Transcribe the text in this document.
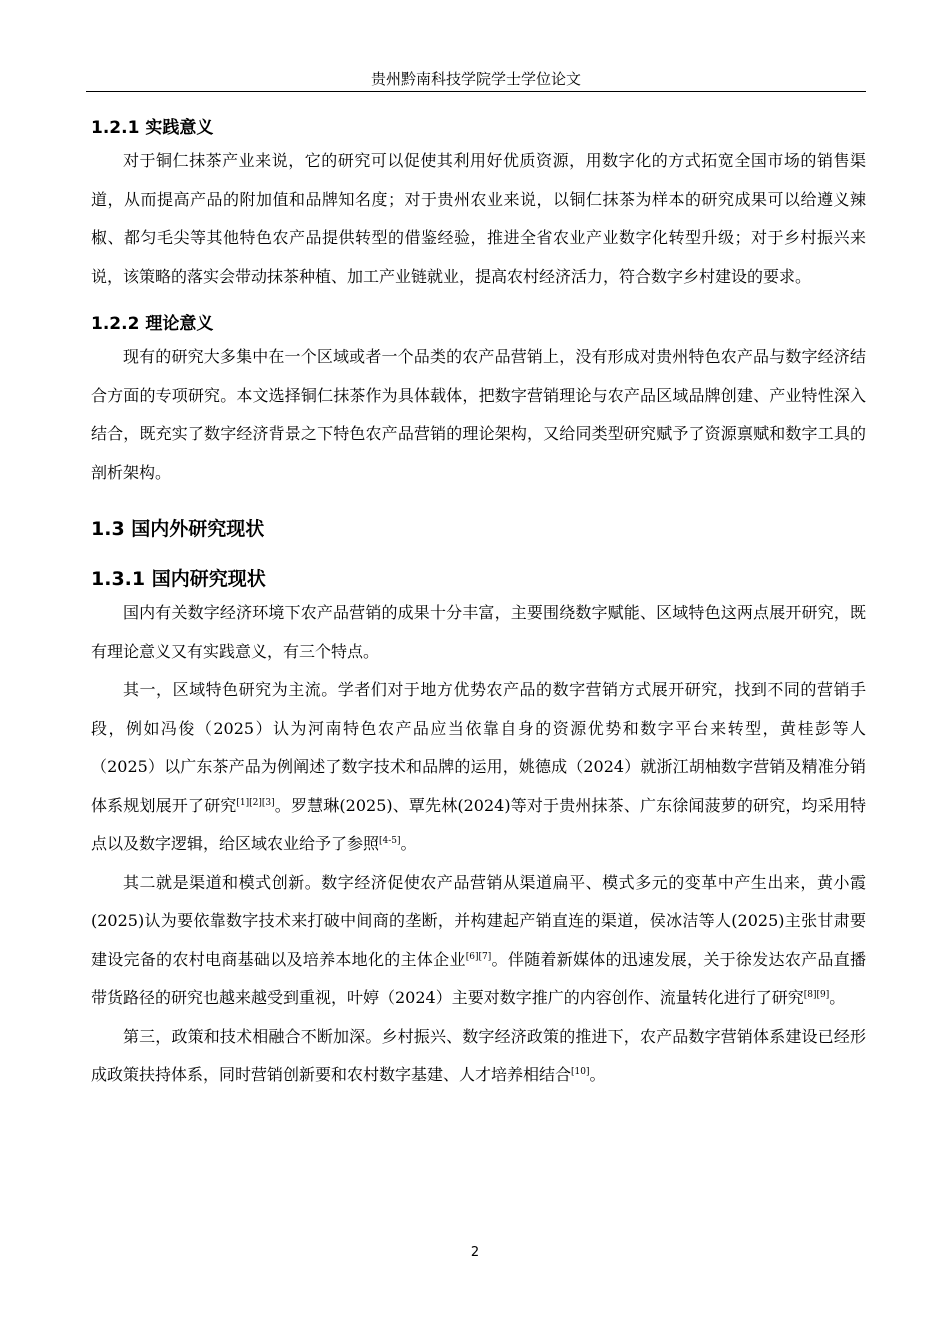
贵州黔南科技学院学士学位论文
1.2.1 实践意义

对于铜仁抹茶产业来说，它的研究可以促使其利用好优质资源，用数字化的方式拓宽全国市场的销售渠道，从而提高产品的附加值和品牌知名度；对于贵州农业来说，以铜仁抹茶为样本的研究成果可以给遵义辣椒、都匀毛尖等其他特色农产品提供转型的借鉴经验，推进全省农业产业数字化转型升级；对于乡村振兴来说，该策略的落实会带动抹茶种植、加工产业链就业，提高农村经济活力，符合数字乡村建设的要求。

1.2.2 理论意义

现有的研究大多集中在一个区域或者一个品类的农产品营销上，没有形成对贵州特色农产品与数字经济结合方面的专项研究。本文选择铜仁抹茶作为具体载体，把数字营销理论与农产品区域品牌创建、产业特性深入结合，既充实了数字经济背景之下特色农产品营销的理论架构，又给同类型研究赋予了资源禀赋和数字工具的剖析架构。

1.3 国内外研究现状
1.3.1 国内研究现状

国内有关数字经济环境下农产品营销的成果十分丰富，主要围绕数字赋能、区域特色这两点展开研究，既有理论意义又有实践意义，有三个特点。

其一，区域特色研究为主流。学者们对于地方优势农产品的数字营销方式展开研究，找到不同的营销手段，例如冯俊（2025）认为河南特色农产品应当依靠自身的资源优势和数字平台来转型，黄桂彭等人（2025）以广东茶产品为例阐述了数字技术和品牌的运用，姚德成（2024）就浙江胡柚数字营销及精准分销体系规划展开了研究[1][2][3]。罗慧琳(2025)、覃先林(2024)等对于贵州抹茶、广东徐闻菠萝的研究，均采用特点以及数字逻辑，给区域农业给予了参照[4-5]。

其二就是渠道和模式创新。数字经济促使农产品营销从渠道扁平、模式多元的变革中产生出来，黄小霞(2025)认为要依靠数字技术来打破中间商的垄断，并构建起产销直连的渠道，侯冰洁等人(2025)主张甘肃要建设完备的农村电商基础以及培养本地化的主体企业[6][7]。伴随着新媒体的迅速发展，关于徐发达农产品直播带货路径的研究也越来越受到重视，叶婷（2024）主要对数字推广的内容创作、流量转化进行了研究[8][9]。

第三，政策和技术相融合不断加深。乡村振兴、数字经济政策的推进下，农产品数字营销体系建设已经形成政策扶持体系，同时营销创新要和农村数字基建、人才培养相结合[10]。

2
